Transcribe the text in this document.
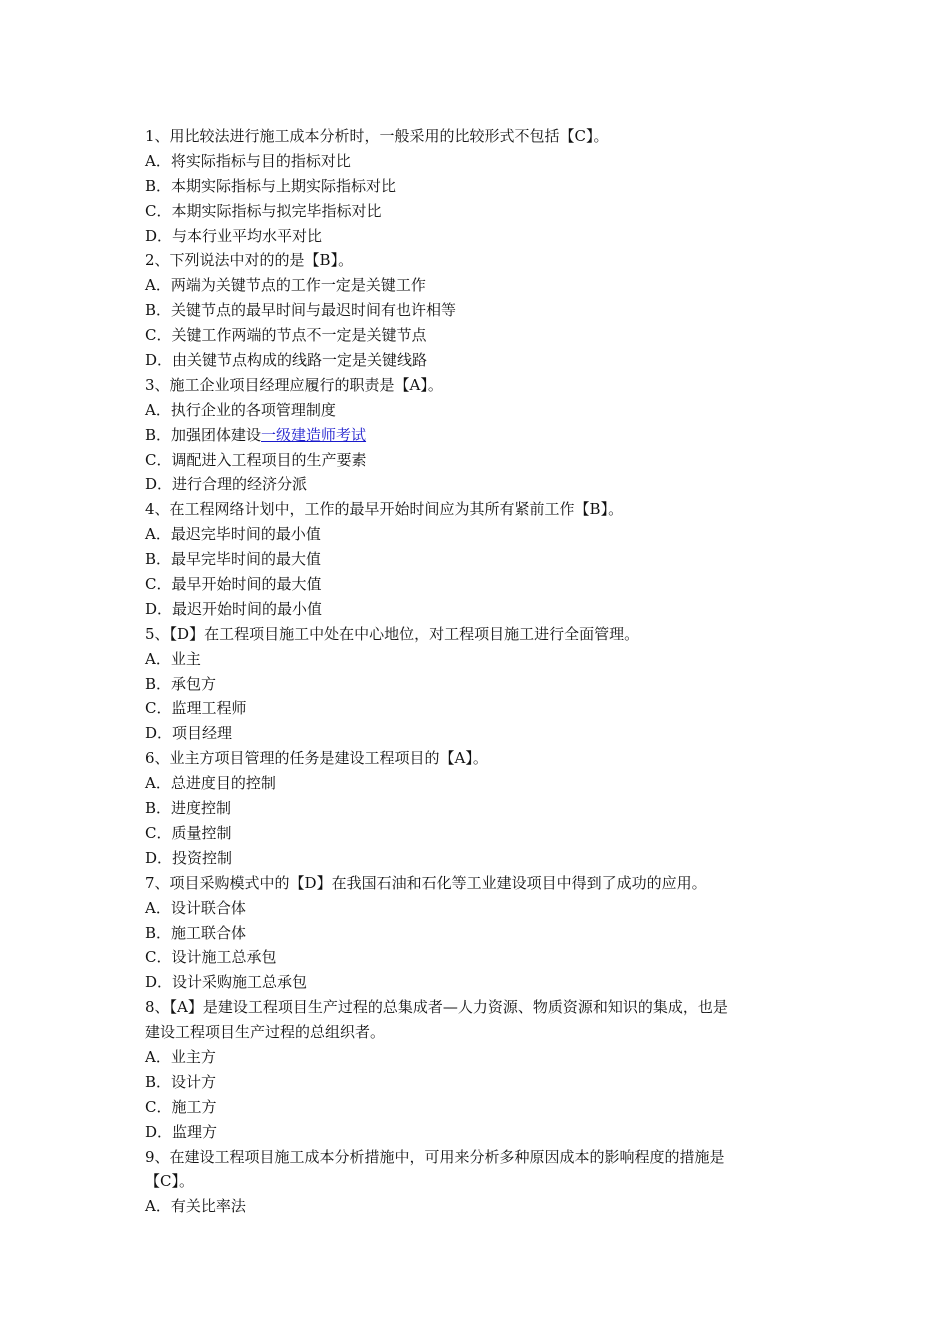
1、用比较法进行施工成本分析时，一般采用的比较形式不包括【C】。
A．将实际指标与目的指标对比
B．本期实际指标与上期实际指标对比
C．本期实际指标与拟完毕指标对比
D．与本行业平均水平对比
2、下列说法中对的的是【B】。
A．两端为关键节点的工作一定是关键工作
B．关键节点的最早时间与最迟时间有也许相等
C．关键工作两端的节点不一定是关键节点
D．由关键节点构成的线路一定是关键线路
3、施工企业项目经理应履行的职责是【A】。
A．执行企业的各项管理制度
B．加强团体建设一级建造师考试
C．调配进入工程项目的生产要素
D．进行合理的经济分派
4、在工程网络计划中，工作的最早开始时间应为其所有紧前工作【B】。
A．最迟完毕时间的最小值
B．最早完毕时间的最大值
C．最早开始时间的最大值
D．最迟开始时间的最小值
5、【D】在工程项目施工中处在中心地位，对工程项目施工进行全面管理。
A．业主
B．承包方
C．监理工程师
D．项目经理
6、业主方项目管理的任务是建设工程项目的【A】。
A．总进度目的控制
B．进度控制
C．质量控制
D．投资控制
7、项目采购模式中的【D】在我国石油和石化等工业建设项目中得到了成功的应用。
A．设计联合体
B．施工联合体
C．设计施工总承包
D．设计采购施工总承包
8、【A】是建设工程项目生产过程的总集成者—人力资源、物质资源和知识的集成，也是
建设工程项目生产过程的总组织者。
A．业主方
B．设计方
C．施工方
D．监理方
9、在建设工程项目施工成本分析措施中，可用来分析多种原因成本的影响程度的措施是
【C】。
A．有关比率法
